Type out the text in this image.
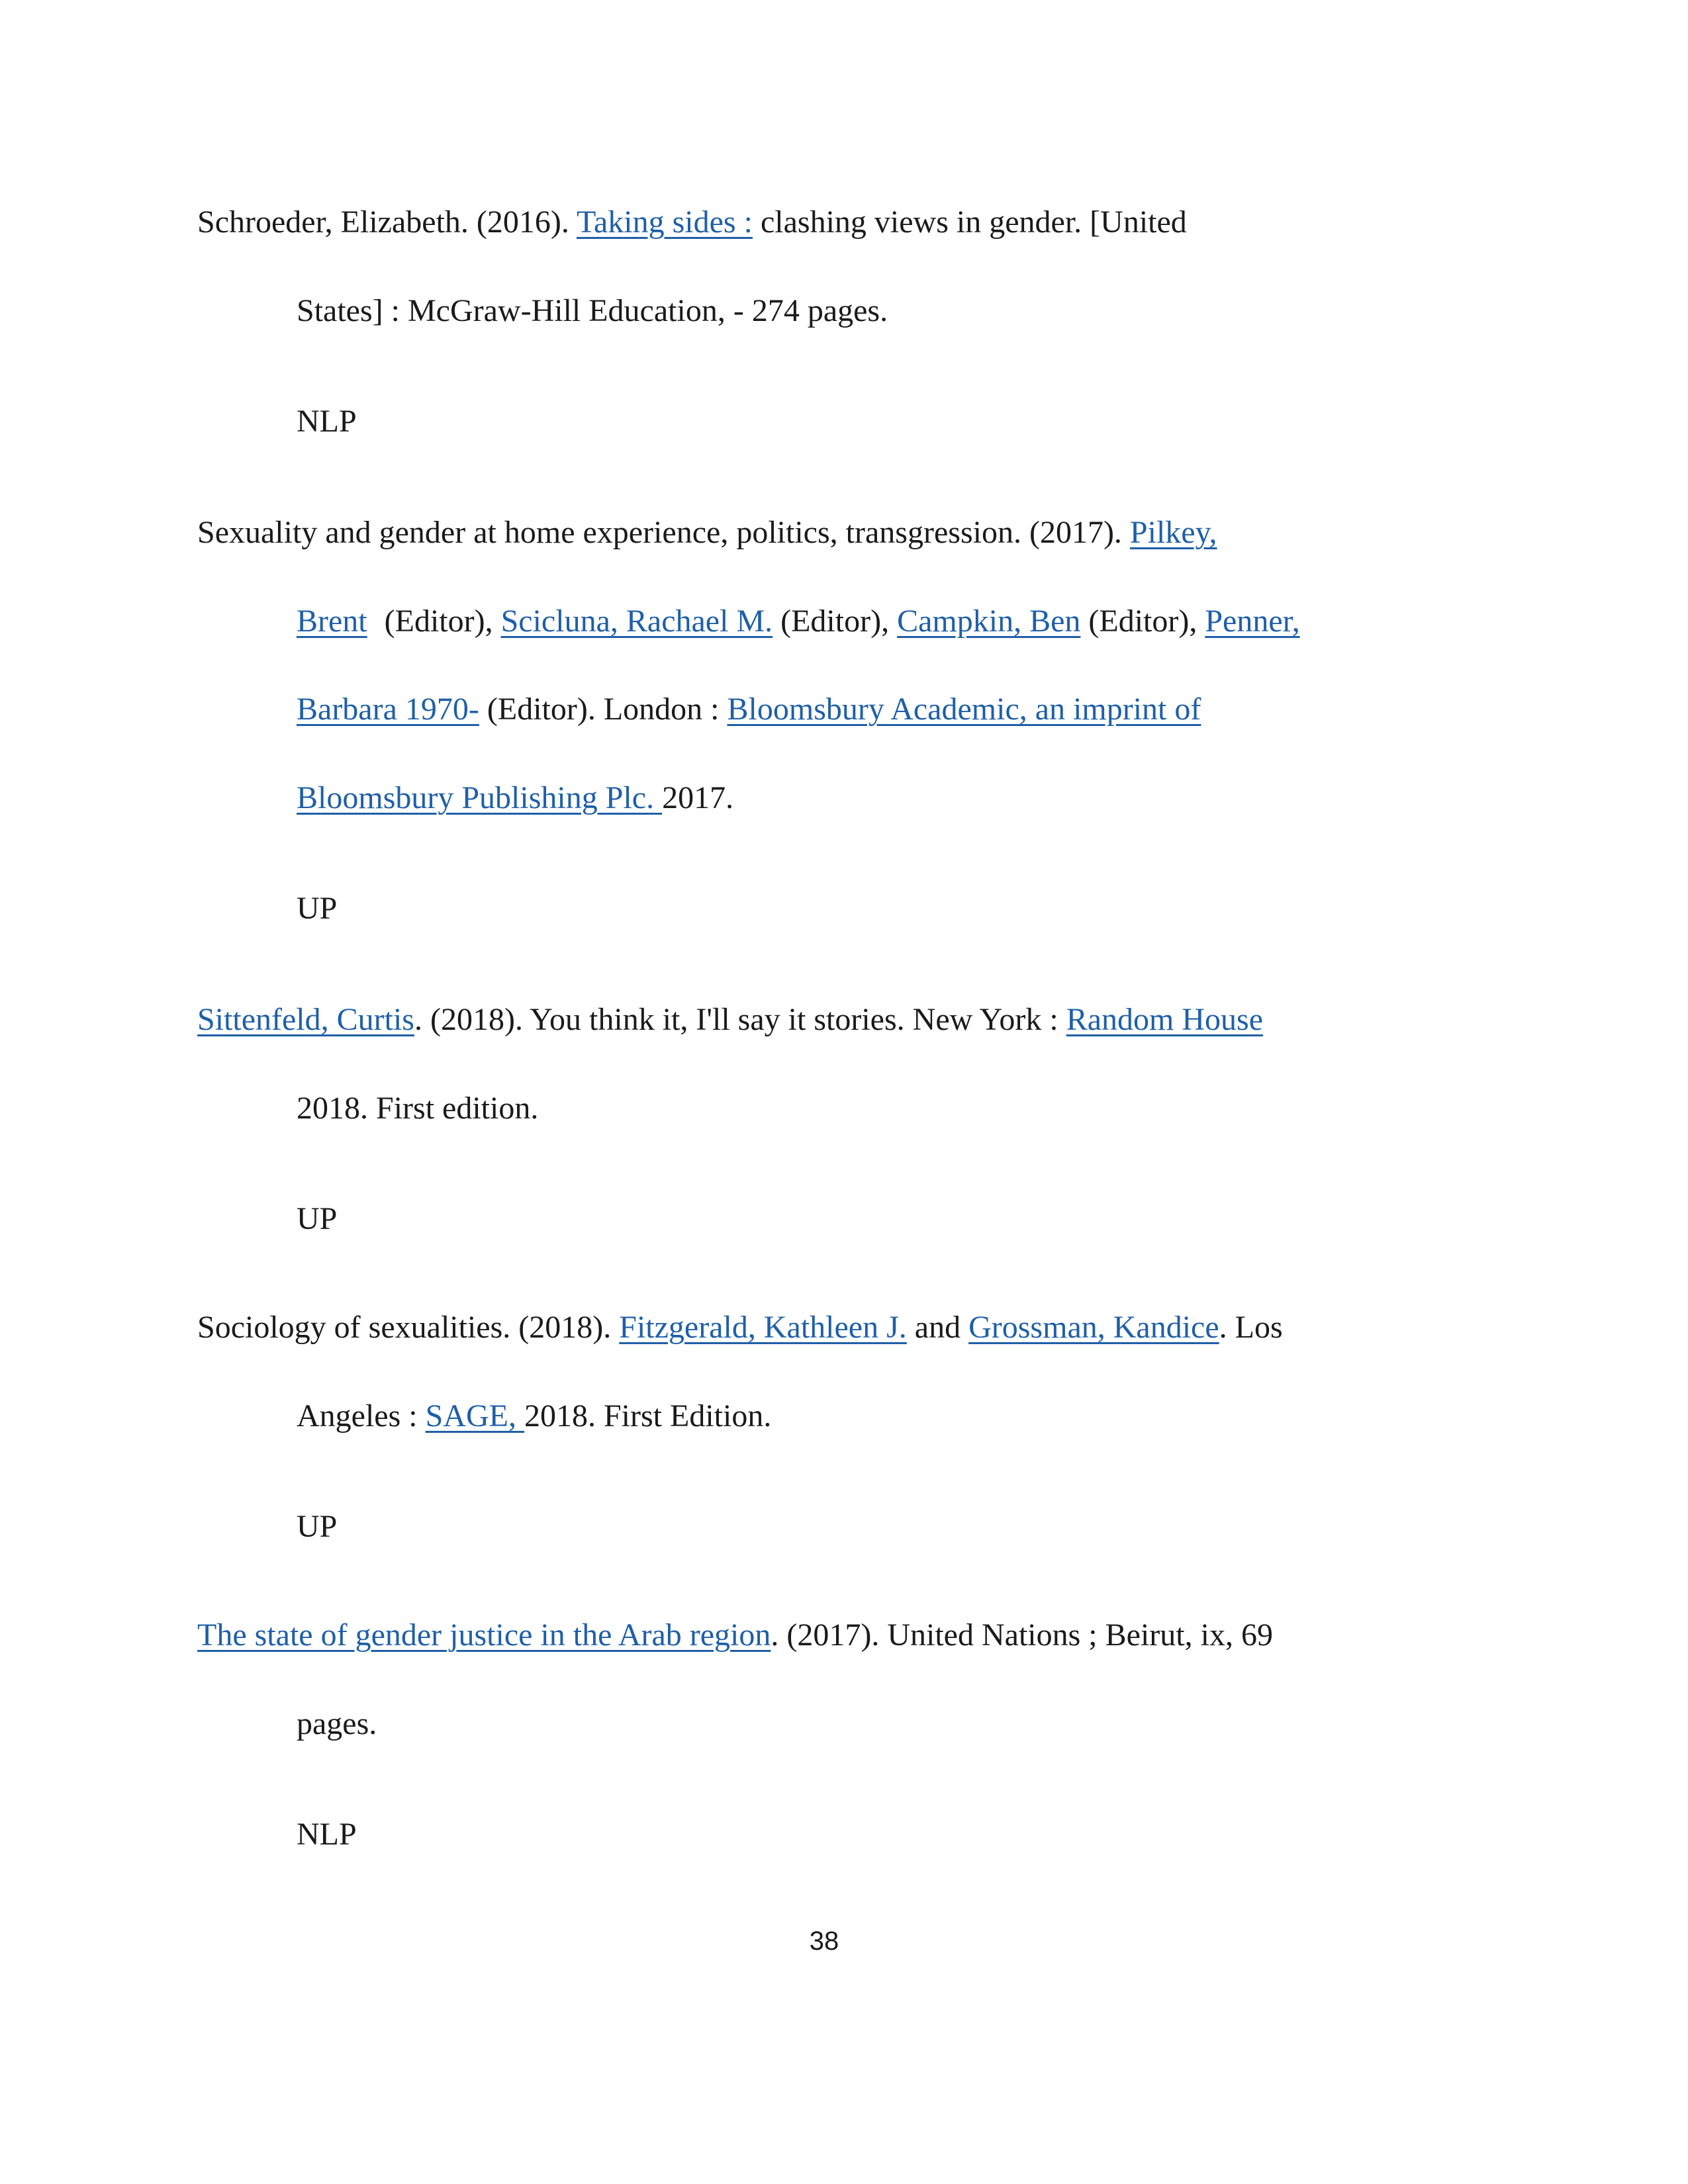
Schroeder, Elizabeth. (2016). Taking sides : clashing views in gender. [United
States] : McGraw-Hill Education, - 274 pages.
NLP
Sexuality and gender at home experience, politics, transgression. (2017). Pilkey,
Brent (Editor), Scicluna, Rachael M. (Editor), Campkin, Ben (Editor), Penner,
Barbara 1970- (Editor). London : Bloomsbury Academic, an imprint of
Bloomsbury Publishing Plc. 2017.
UP
Sittenfeld, Curtis. (2018). You think it, I'll say it stories. New York : Random House
2018. First edition.
UP
Sociology of sexualities. (2018). Fitzgerald, Kathleen J. and Grossman, Kandice. Los
Angeles : SAGE, 2018. First Edition.
UP
The state of gender justice in the Arab region. (2017). United Nations ; Beirut, ix, 69
pages.
NLP
38
